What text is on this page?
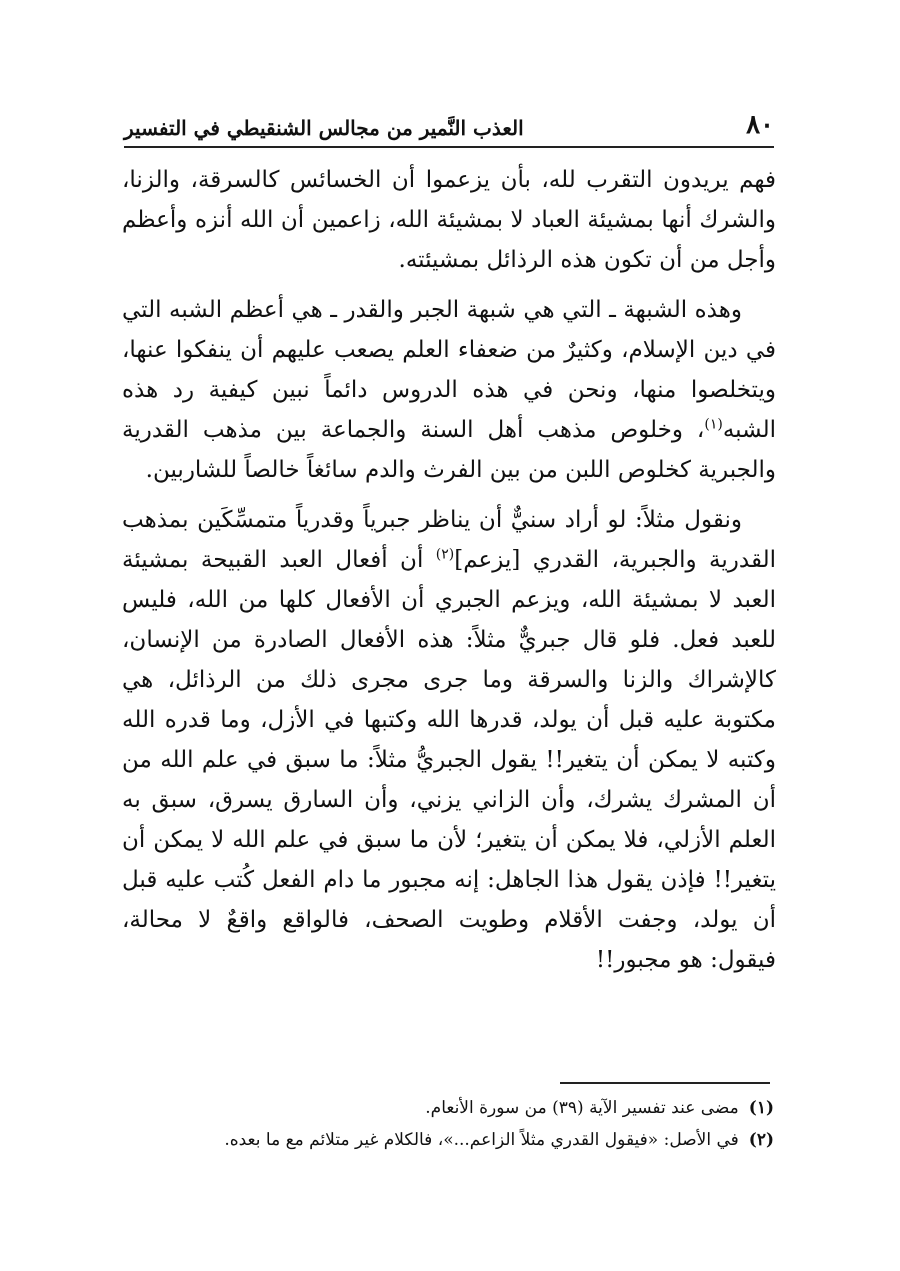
٨٠
العذب النَّمير من مجالس الشنقيطي في التفسير

فهم يريدون التقرب لله، بأن يزعموا أن الخسائس كالسرقة، والزنا، والشرك أنها بمشيئة العباد لا بمشيئة الله، زاعمين أن الله أنزه وأعظم وأجل من أن تكون هذه الرذائل بمشيئته.

وهذه الشبهة ـ التي هي شبهة الجبر والقدر ـ هي أعظم الشبه التي في دين الإسلام، وكثيرٌ من ضعفاء العلم يصعب عليهم أن ينفكوا عنها، ويتخلصوا منها، ونحن في هذه الدروس دائماً نبين كيفية رد هذه الشبه$^{(١)}$، وخلوص مذهب أهل السنة والجماعة بين مذهب القدرية والجبرية كخلوص اللبن من بين الفرث والدم سائغاً خالصاً للشاربين.

ونقول مثلاً: لو أراد سنيٌّ أن يناظر جبرياً وقدرياً متمسِّكَين بمذهب القدرية والجبرية، القدري [يزعم]$^{(٢)}$ أن أفعال العبد القبيحة بمشيئة العبد لا بمشيئة الله، ويزعم الجبري أن الأفعال كلها من الله، فليس للعبد فعل. فلو قال جبريٌّ مثلاً: هذه الأفعال الصادرة من الإنسان، كالإشراك والزنا والسرقة وما جرى مجرى ذلك من الرذائل، هي مكتوبة عليه قبل أن يولد، قدرها الله وكتبها في الأزل، وما قدره الله وكتبه لا يمكن أن يتغير!! يقول الجبريُّ مثلاً: ما سبق في علم الله من أن المشرك يشرك، وأن الزاني يزني، وأن السارق يسرق، سبق به العلم الأزلي، فلا يمكن أن يتغير؛ لأن ما سبق في علم الله لا يمكن أن يتغير!! فإذن يقول هذا الجاهل: إنه مجبور ما دام الفعل كُتب عليه قبل أن يولد، وجفت الأقلام وطويت الصحف، فالواقع واقعٌ لا محالة، فيقول: هو مجبور!!

(١)
مضى عند تفسير الآية (٣٩) من سورة الأنعام.
(٢)
في الأصل: «فيقول القدري مثلاً الزاعم...»، فالكلام غير متلائم مع ما بعده.
